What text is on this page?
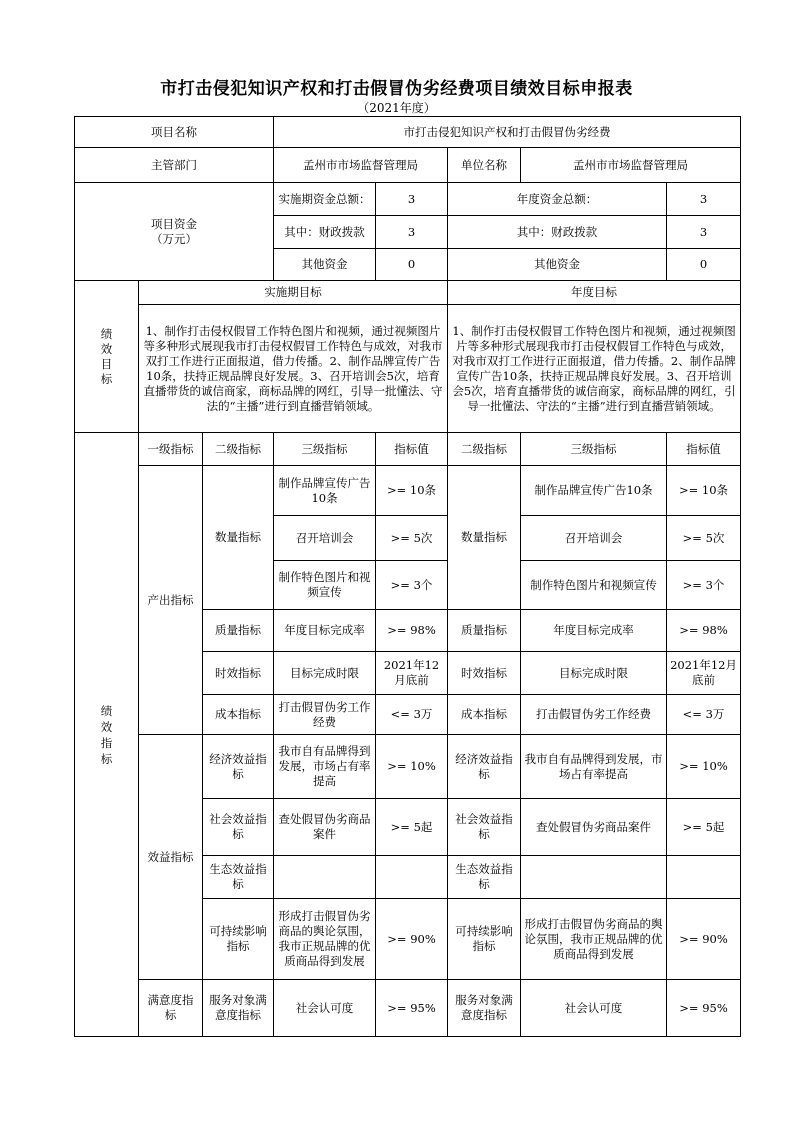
市打击侵犯知识产权和打击假冒伪劣经费项目绩效目标申报表
（2021年度）
项目名称			市打击侵犯知识产权和打击假冒伪劣经费				
主管部门			孟州市市场监督管理局		单位名称	孟州市市场监督管理局	
项目资金
（万元）			实施期资金总额：	3	年度资金总额：		3
			其中：财政拨款	3	其中：财政拨款		3
			其他资金	0	其他资金		0

绩效目标	实施期目标				年度目标		
	1、制作打击侵权假冒工作特色图片和视频，通过视频图片等多种形式展现我市打击侵权假冒工作特色与成效，对我市双打工作进行正面报道，借力传播。2、制作品牌宣传广告10条，扶持正规品牌良好发展。3、召开培训会5次，培育直播带货的诚信商家，商标品牌的网红，引导一批懂法、守法的“主播”进行到直播营销领域。				1、制作打击侵权假冒工作特色图片和视频，通过视频图片等多种形式展现我市打击侵权假冒工作特色与成效，对我市双打工作进行正面报道，借力传播。2、制作品牌宣传广告10条，扶持正规品牌良好发展。3、召开培训会5次，培育直播带货的诚信商家，商标品牌的网红，引导一批懂法、守法的“主播”进行到直播营销领域。		

绩效指标	一级指标	二级指标	三级指标	指标值	二级指标	三级指标	指标值
	产出指标	数量指标	制作品牌宣传广告10条	>= 10条	数量指标	制作品牌宣传广告10条	>= 10条
			召开培训会	>= 5次		召开培训会	>= 5次
			制作特色图片和视频宣传	>= 3个		制作特色图片和视频宣传	>= 3个
		质量指标	年度目标完成率	>= 98%	质量指标	年度目标完成率	>= 98%
		时效指标	目标完成时限	2021年12月底前	时效指标	目标完成时限	2021年12月底前
		成本指标	打击假冒伪劣工作经费	<= 3万	成本指标	打击假冒伪劣工作经费	<= 3万
	效益指标	经济效益指标	我市自有品牌得到发展，市场占有率提高	>= 10%	经济效益指标	我市自有品牌得到发展，市场占有率提高	>= 10%
		社会效益指标	查处假冒伪劣商品案件	>= 5起	社会效益指标	查处假冒伪劣商品案件	>= 5起
		生态效益指标			生态效益指标		
		可持续影响指标	形成打击假冒伪劣商品的舆论氛围，我市正规品牌的优质商品得到发展	>= 90%	可持续影响指标	形成打击假冒伪劣商品的舆论氛围，我市正规品牌的优质商品得到发展	>= 90%
	满意度指标	服务对象满意度指标	社会认可度	>= 95%	服务对象满意度指标	社会认可度	>= 95%
